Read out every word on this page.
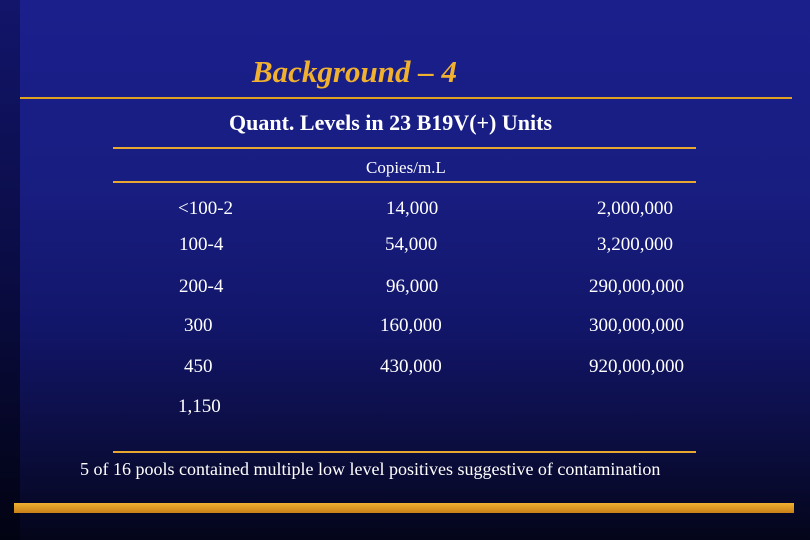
Background – 4
Quant. Levels in 23 B19V(+) Units
Copies/m.L
<100-2	14,000	2,000,000
100-4	54,000	3,200,000
200-4	96,000	290,000,000
300	160,000	300,000,000
450	430,000	920,000,000
1,150
5 of 16 pools contained multiple low level positives suggestive of contamination
